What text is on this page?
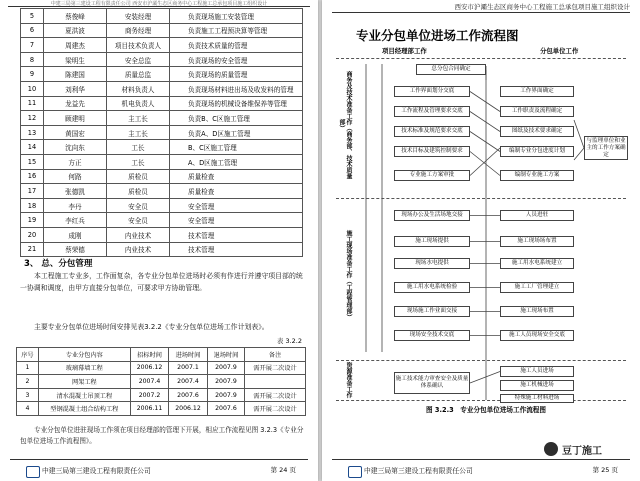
中建三局第三建设工程有限责任公司 西安市沪灞生态区商务中心工程施工总承包项目施工组织设计
5	蔡俊峰	安装经理	负责现场施工安装管理
6	夏洪波	商务经理	负责施工工程预决算等管理
7	周建杰	项目技术负责人	负责技术质量的管理
8	梁明生	安全总监	负责现场的安全管理
9	陈建国	质量总监	负责现场的质量管理
10	刘利华	材料负责人	负责现场材料进出场及收发料的管理
11	龙益先	机电负责人	负责现场的机械设备维保养等管理
12	顾建明	主工长	负责B、C区施工管理
13	黄国宏	主工长	负责A、D区施工管理
14	沈向东	工长	B、C区施工管理
15	方正	工长	A、D区施工管理
16	何路	质检员	质量检查
17	张德凯	质检员	质量检查
18	李丹	安全员	安全管理
19	李红兵	安全员	安全管理
20	成刚	内业技术	技术管理
21	蔡荣德	内业技术	技术管理
3、 总、分包管理
本工程施工专业多，工作面复杂，各专业分包单位进场时必须有作进行并遵守项目部的统一协调和调度，由甲方直接分包单位，可要求甲方协助管理。
主要专业分包单位进场时间安排见表3.2.2《专业分包单位进场工作计划表》。
表 3.2.2
序号	专业分包内容	招标时间	进场时间	退场时间	备注
1	玻璃幕墙工程	2006.12	2007.1	2007.9	需开展二次设计
2	网架工程	2007.4	2007.4	2007.9	
3	清水混凝土吊顶工程	2007.2	2007.6	2007.9	需开展二次设计
4	型钢混凝土组合结构工程	2006.11	2006.12	2007.6	需开展二次设计
专业分包单位进驻现场工作须在项目经理部的管理下开展，相应工作流程见图 3.2.3《专业分包单位进场工作流程图》。
中建三局第三建设工程有限责任公司	第 24 页
西安市沪灞生态区商务中心工程施工总承包项目施工组织设计
专业分包单位进场工作流程图
项目经理部工作	分包单位工作
商务及技术准备工作（商务部、技术质量部）
施工现场准备工作（工程管理部）
资源准备工作
总分包合同确定
工作界面划分交底
工作流程及管理要求交底
技术标准及规范要求交底
技术目标及建筑控制要求
专业施工方案审批
现场办公及生活场地交接
施工现场提供
现场水电提供
施工用水电系统检验
现场施工作业面交接
现场安全技术交底
施工技术能力审查安全及质量体系确认
工作界面确定
工作职责及流程确定
图纸及技术要求确定
编制专业分包进度计划
编制专业施工方案
人员进驻
施工现场场布置
施工用水电系统建立
施工工厂管理建立
施工现场布置
施工人员现场安全交底
施工人员进场
施工机械进场
特殊施工材料进场
与监理单位和业主的工作方案确定
图 3.2.3　专业分包单位进场工作流程图
中建三局第三建设工程有限责任公司	第 25 页
豆丁施工
